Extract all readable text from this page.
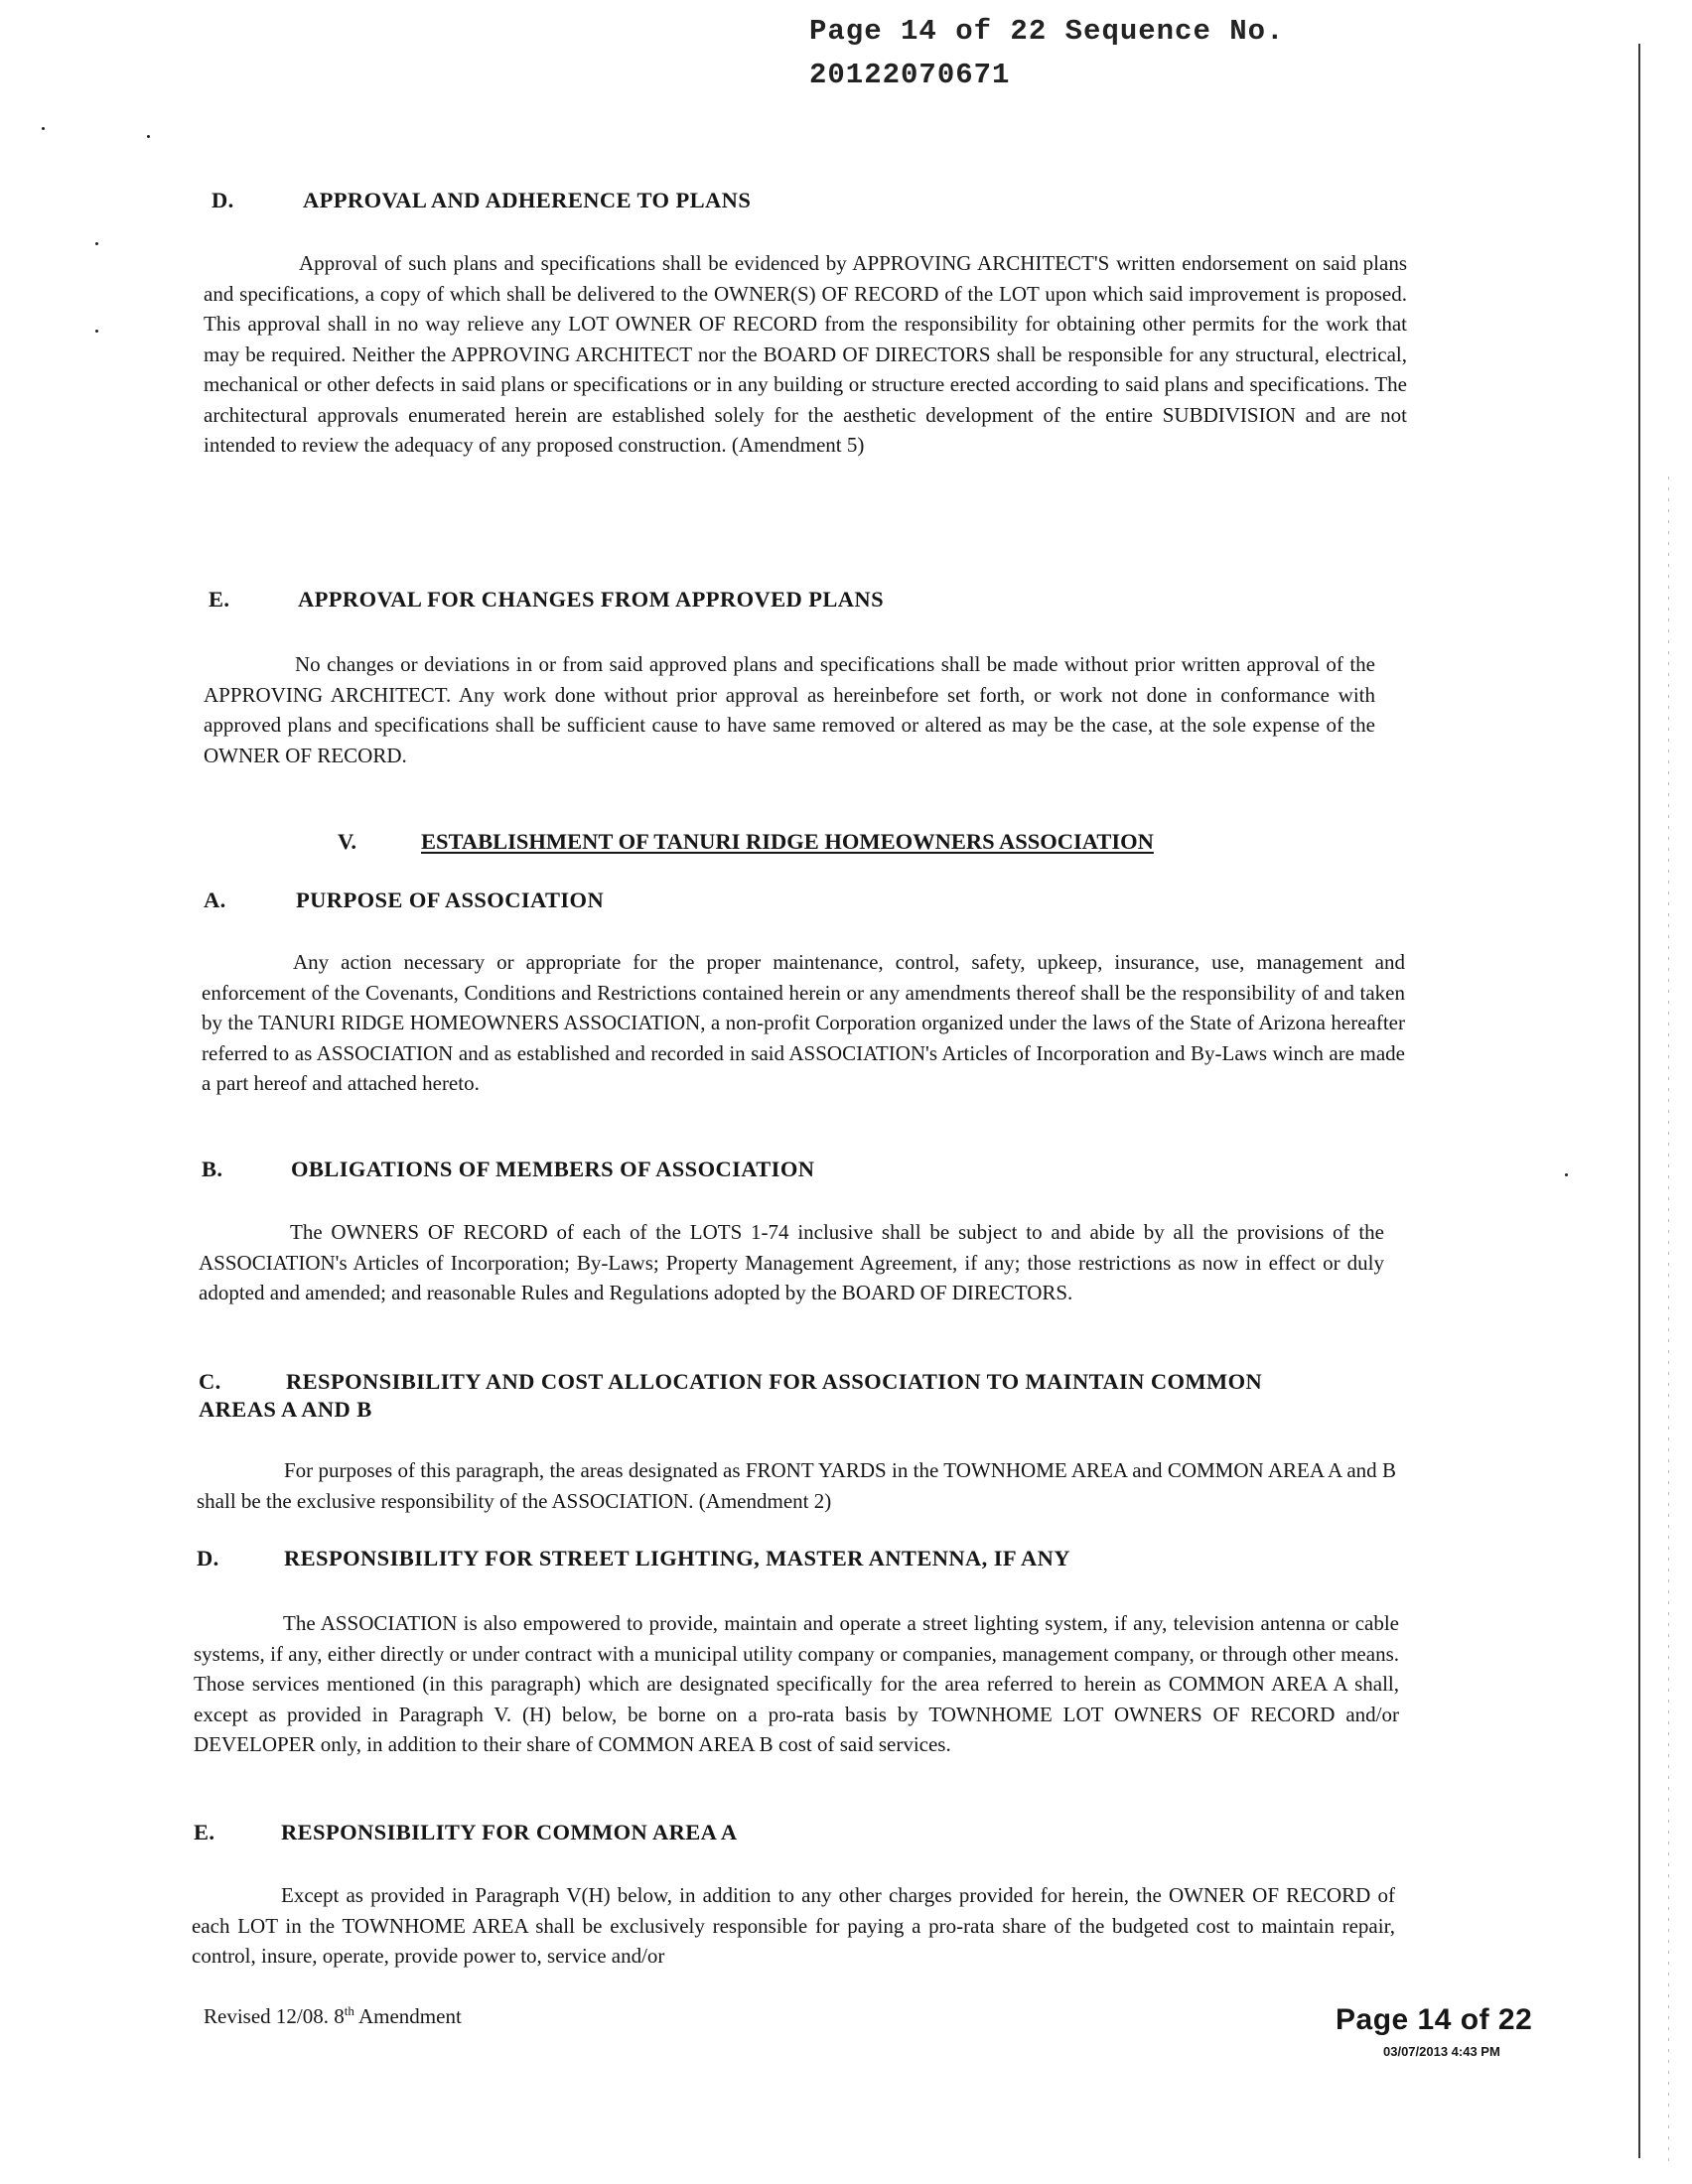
Page 14 of 22 Sequence No. 20122070671
D.	APPROVAL AND ADHERENCE TO PLANS

Approval of such plans and specifications shall be evidenced by APPROVING ARCHITECT'S written endorsement on said plans and specifications, a copy of which shall be delivered to the OWNER(S) OF RECORD of the LOT upon which said improvement is proposed. This approval shall in no way relieve any LOT OWNER OF RECORD from the responsibility for obtaining other permits for the work that may be required. Neither the APPROVING ARCHITECT nor the BOARD OF DIRECTORS shall be responsible for any structural, electrical, mechanical or other defects in said plans or specifications or in any building or structure erected according to said plans and specifications. The architectural approvals enumerated herein are established solely for the aesthetic development of the entire SUBDIVISION and are not intended to review the adequacy of any proposed construction. (Amendment 5)

E.	APPROVAL FOR CHANGES FROM APPROVED PLANS

No changes or deviations in or from said approved plans and specifications shall be made without prior written approval of the APPROVING ARCHITECT. Any work done without prior approval as hereinbefore set forth, or work not done in conformance with approved plans and specifications shall be sufficient cause to have same removed or altered as may be the case, at the sole expense of the OWNER OF RECORD.

V.	ESTABLISHMENT OF TANURI RIDGE HOMEOWNERS ASSOCIATION
A.	PURPOSE OF ASSOCIATION

Any action necessary or appropriate for the proper maintenance, control, safety, upkeep, insurance, use, management and enforcement of the Covenants, Conditions and Restrictions contained herein or any amendments thereof shall be the responsibility of and taken by the TANURI RIDGE HOMEOWNERS ASSOCIATION, a non-profit Corporation organized under the laws of the State of Arizona hereafter referred to as ASSOCIATION and as established and recorded in said ASSOCIATION's Articles of Incorporation and By-Laws winch are made a part hereof and attached hereto.

B.	OBLIGATIONS OF MEMBERS OF ASSOCIATION

The OWNERS OF RECORD of each of the LOTS 1-74 inclusive shall be subject to and abide by all the provisions of the ASSOCIATION's Articles of Incorporation; By-Laws; Property Management Agreement, if any; those restrictions as now in effect or duly adopted and amended; and reasonable Rules and Regulations adopted by the BOARD OF DIRECTORS.

C.	RESPONSIBILITY AND COST ALLOCATION FOR ASSOCIATION TO MAINTAIN COMMON
AREAS A AND B

For purposes of this paragraph, the areas designated as FRONT YARDS in the TOWNHOME AREA and COMMON AREA A and B shall be the exclusive responsibility of the ASSOCIATION. (Amendment 2)

D.	RESPONSIBILITY FOR STREET LIGHTING, MASTER ANTENNA, IF ANY

The ASSOCIATION is also empowered to provide, maintain and operate a street lighting system, if any, television antenna or cable systems, if any, either directly or under contract with a municipal utility company or companies, management company, or through other means. Those services mentioned (in this paragraph) which are designated specifically for the area referred to herein as COMMON AREA A shall, except as provided in Paragraph V. (H) below, be borne on a pro-rata basis by TOWNHOME LOT OWNERS OF RECORD and/or DEVELOPER only, in addition to their share of COMMON AREA B cost of said services.

E.	RESPONSIBILITY FOR COMMON AREA A

Except as provided in Paragraph V(H) below, in addition to any other charges provided for herein, the OWNER OF RECORD of each LOT in the TOWNHOME AREA shall be exclusively responsible for paying a pro-rata share of the budgeted cost to maintain repair, control, insure, operate, provide power to, service and/or

Revised 12/08. 8th Amendment	Page 14 of 22
03/07/2013 4:43 PM
